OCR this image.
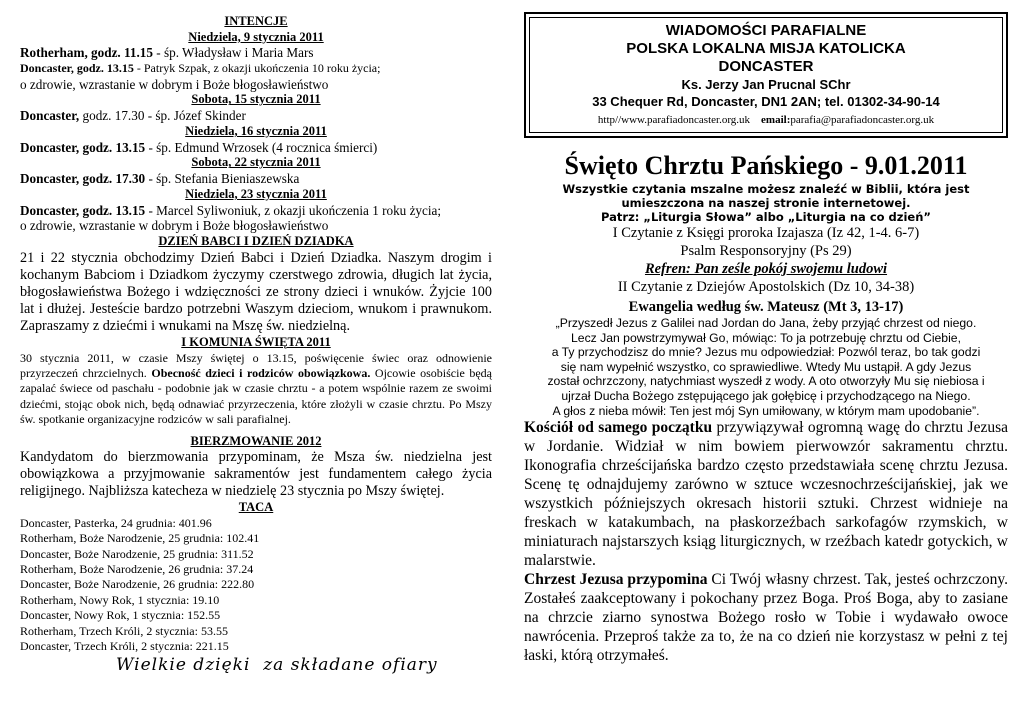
INTENCJE
Niedziela, 9 stycznia 2011

Rotherham, godz. 11.15 - śp. Władysław i Maria Mars

Doncaster, godz. 13.15 - Patryk Szpak, z okazji ukończenia 10 roku życia;

o zdrowie, wzrastanie w dobrym i Boże błogosławieństwo

Sobota, 15 stycznia 2011

Doncaster, godz. 17.30 - śp. Józef Skinder

Niedziela, 16 stycznia 2011

Doncaster, godz. 13.15 - śp. Edmund Wrzosek (4 rocznica śmierci)

Sobota, 22 stycznia 2011

Doncaster, godz. 17.30 - śp. Stefania Bieniaszewska

Niedziela, 23 stycznia 2011

Doncaster, godz. 13.15 - Marcel Syliwoniuk, z okazji ukończenia 1 roku życia;

o zdrowie, wzrastanie w dobrym i Boże błogosławieństwo

DZIEŃ BABCI I DZIEŃ DZIADKA

21 i 22 stycznia obchodzimy Dzień Babci i Dzień Dziadka. Naszym drogim i kochanym Babciom i Dziadkom życzymy czerstwego zdrowia, długich lat życia, błogosławieństwa Bożego i wdzięczności ze strony dzieci i wnuków. Żyjcie 100 lat i dłużej. Jesteście bardzo potrzebni Waszym dzieciom, wnukom i prawnukom. Zapraszamy z dziećmi i wnukami na Mszę św. niedzielną.

I KOMUNIA ŚWIĘTA 2011

30 stycznia 2011, w czasie Mszy świętej o 13.15, poświęcenie świec oraz odnowienie przyrzeczeń chrzcielnych. Obecność dzieci i rodziców obowiązkowa. Ojcowie osobiście będą zapalać świece od paschału - podobnie jak w czasie chrztu - a potem wspólnie razem ze swoimi dziećmi, stojąc obok nich, będą odnawiać przyrzeczenia, które złożyli w czasie chrztu. Po Mszy św. spotkanie organizacyjne rodziców w sali parafialnej.

BIERZMOWANIE 2012

Kandydatom do bierzmowania przypominam, że Msza św. niedzielna jest obowiązkowa a przyjmowanie sakramentów jest fundamentem całego życia religijnego. Najbliższa katecheza w niedzielę 23 stycznia po Mszy świętej.

TACA

Doncaster, Pasterka, 24 grudnia: 401.96

Rotherham, Boże Narodzenie, 25 grudnia: 102.41

Doncaster, Boże Narodzenie, 25 grudnia: 311.52

Rotherham, Boże Narodzenie, 26 grudnia: 37.24

Doncaster, Boże Narodzenie, 26 grudnia: 222.80

Rotherham, Nowy Rok, 1 stycznia: 19.10

Doncaster, Nowy Rok, 1 stycznia: 152.55

Rotherham, Trzech Króli, 2 stycznia: 53.55

Doncaster, Trzech Króli, 2 stycznia: 221.15

Wielkie dzięki  za składane ofiary
WIADOMOŚCI PARAFIALNE
POLSKA LOKALNA MISJA KATOLICKA
DONCASTER
Ks. Jerzy Jan Prucnal SChr
33 Chequer Rd, Doncaster, DN1 2AN; tel. 01302-34-90-14
http//www.parafiadoncaster.org.uk email:parafia@parafiadoncaster.org.uk
Święto Chrztu Pańskiego - 9.01.2011
Wszystkie czytania mszalne możesz znaleźć w Biblii, która jest
umieszczona na naszej stronie internetowej.
Patrz: „Liturgia Słowa” albo „Liturgia na co dzień”
I Czytanie z Księgi proroka Izajasza (Iz 42, 1-4. 6-7)
Psalm Responsoryjny (Ps 29)
Refren: Pan ześle pokój swojemu ludowi
II Czytanie z Dziejów Apostolskich (Dz 10, 34-38)
Ewangelia według św. Mateusz (Mt 3, 13-17)
„Przyszedł Jezus z Galilei nad Jordan do Jana, żeby przyjąć chrzest od niego.
Lecz Jan powstrzymywał Go, mówiąc: To ja potrzebuję chrztu od Ciebie,
a Ty przychodzisz do mnie? Jezus mu odpowiedział: Pozwól teraz, bo tak godzi
się nam wypełnić wszystko, co sprawiedliwe. Wtedy Mu ustąpił. A gdy Jezus
został ochrzczony, natychmiast wyszedł z wody. A oto otworzyły Mu się niebiosa i
ujrzał Ducha Bożego zstępującego jak gołębicę i przychodzącego na Niego.
A głos z nieba mówił: Ten jest mój Syn umiłowany, w którym mam upodobanie”.

Kościół od samego początku przywiązywał ogromną wagę do chrztu Jezusa w Jordanie. Widział w nim bowiem pierwowzór sakramentu chrztu. Ikonografia chrześcijańska bardzo często przedstawiała scenę chrztu Jezusa. Scenę tę odnajdujemy zarówno w sztuce wczesnochrześcijańskiej, jak we wszystkich późniejszych okresach historii sztuki. Chrzest widnieje na freskach w katakumbach, na płaskorzeźbach sarkofagów rzymskich, w miniaturach najstarszych ksiąg liturgicznych, w rzeźbach katedr gotyckich, w malarstwie.

Chrzest Jezusa przypomina Ci Twój własny chrzest. Tak, jesteś ochrzczony. Zostałeś zaakceptowany i pokochany przez Boga. Proś Boga, aby to zasiane na chrzcie ziarno synostwa Bożego rosło w Tobie i wydawało owoce nawrócenia. Przeproś także za to, że na co dzień nie korzystasz w pełni z tej łaski, którą otrzymałeś.
